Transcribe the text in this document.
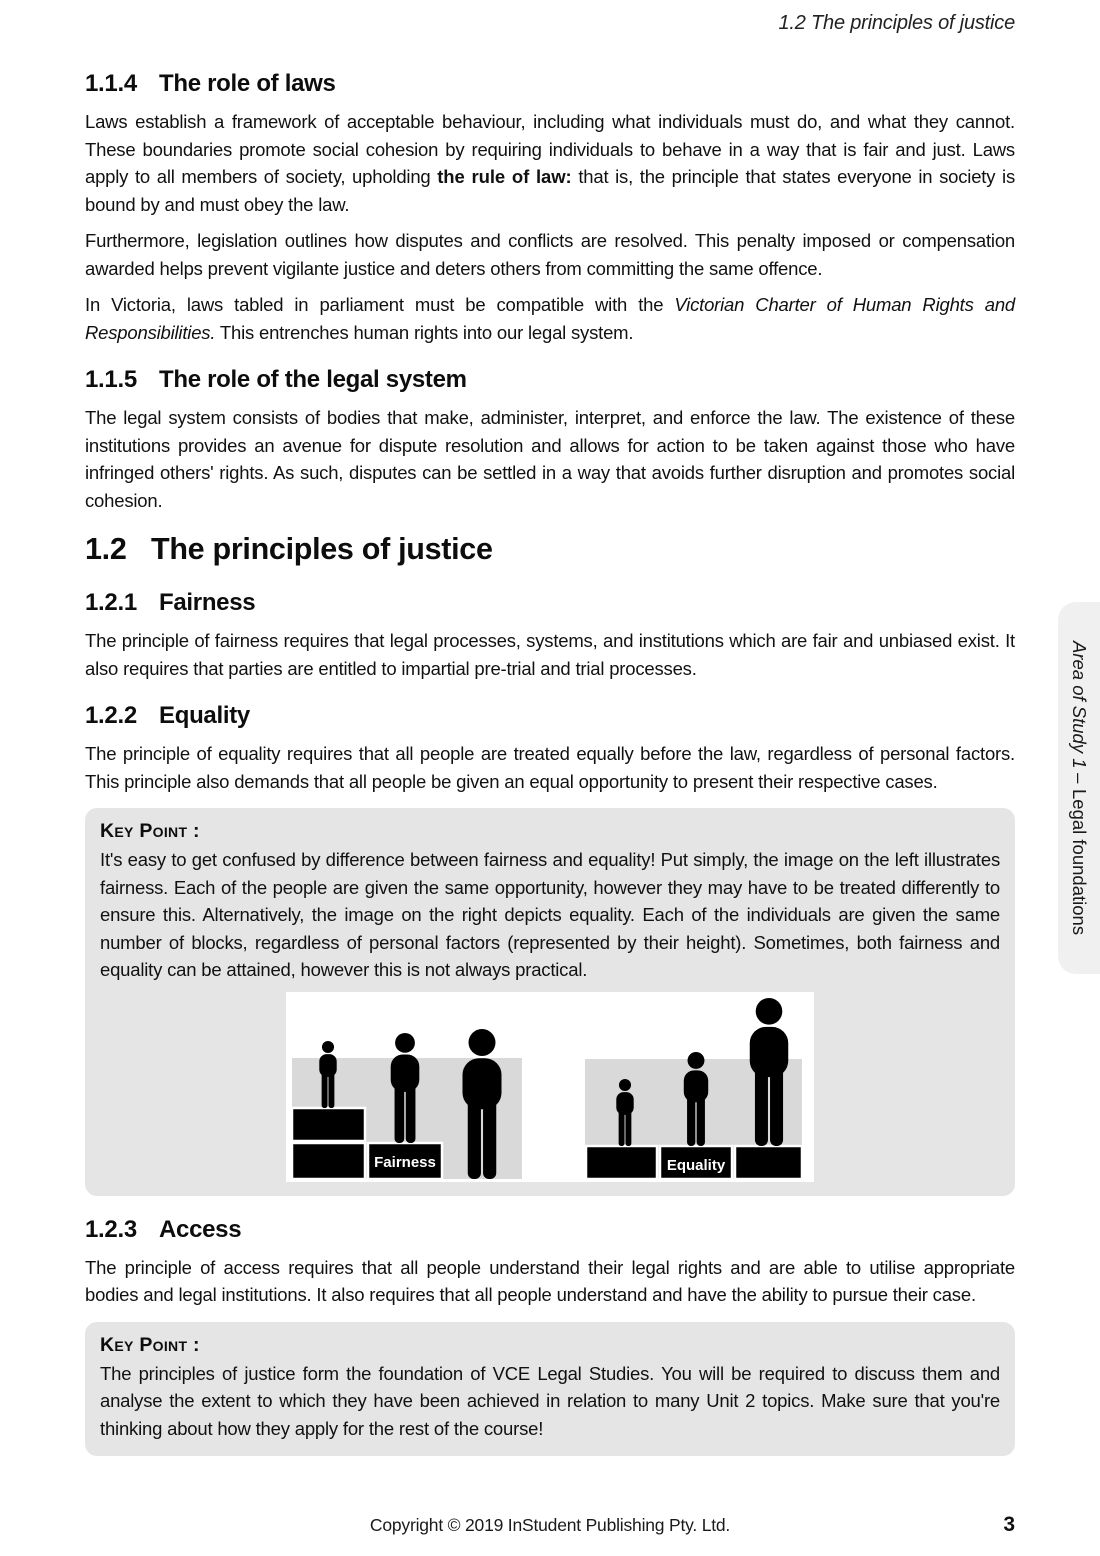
1.2 The principles of justice
1.1.4 The role of laws

Laws establish a framework of acceptable behaviour, including what individuals must do, and what they cannot. These boundaries promote social cohesion by requiring individuals to behave in a way that is fair and just. Laws apply to all members of society, upholding the rule of law: that is, the principle that states everyone in society is bound by and must obey the law.

Furthermore, legislation outlines how disputes and conflicts are resolved. This penalty imposed or compensation awarded helps prevent vigilante justice and deters others from committing the same offence.

In Victoria, laws tabled in parliament must be compatible with the Victorian Charter of Human Rights and Responsibilities. This entrenches human rights into our legal system.

1.1.5 The role of the legal system

The legal system consists of bodies that make, administer, interpret, and enforce the law. The existence of these institutions provides an avenue for dispute resolution and allows for action to be taken against those who have infringed others' rights. As such, disputes can be settled in a way that avoids further disruption and promotes social cohesion.

1.2 The principles of justice
1.2.1 Fairness

The principle of fairness requires that legal processes, systems, and institutions which are fair and unbiased exist. It also requires that parties are entitled to impartial pre-trial and trial processes.

1.2.2 Equality

The principle of equality requires that all people are treated equally before the law, regardless of personal factors. This principle also demands that all people be given an equal opportunity to present their respective cases.

Key Point :

It's easy to get confused by difference between fairness and equality! Put simply, the image on the left illustrates fairness. Each of the people are given the same opportunity, however they may have to be treated differently to ensure this. Alternatively, the image on the right depicts equality. Each of the individuals are given the same number of blocks, regardless of personal factors (represented by their height). Sometimes, both fairness and equality can be attained, however this is not always practical.

Fairness	Equality
1.2.3 Access

The principle of access requires that all people understand their legal rights and are able to utilise appropriate bodies and legal institutions. It also requires that all people understand and have the ability to pursue their case.

Key Point :

The principles of justice form the foundation of VCE Legal Studies. You will be required to discuss them and analyse the extent to which they have been achieved in relation to many Unit 2 topics. Make sure that you're thinking about how they apply for the rest of the course!

Area of Study 1
–
Legal foundations
Copyright © 2019 InStudent Publishing Pty. Ltd.	3
